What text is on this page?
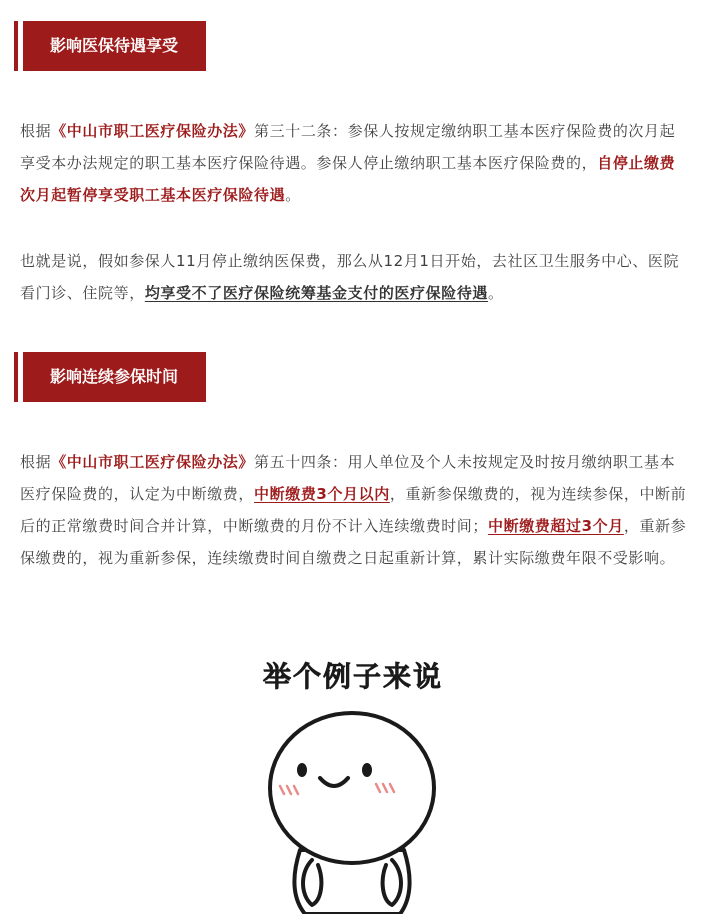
影响医保待遇享受

根据《中山市职工医疗保险办法》第三十二条：参保人按规定缴纳职工基本医疗保险费的次月起享受本办法规定的职工基本医疗保险待遇。参保人停止缴纳职工基本医疗保险费的，自停止缴费次月起暂停享受职工基本医疗保险待遇。

也就是说，假如参保人11月停止缴纳医保费，那么从12月1日开始，去社区卫生服务中心、医院看门诊、住院等，均享受不了医疗保险统筹基金支付的医疗保险待遇。

影响连续参保时间

根据《中山市职工医疗保险办法》第五十四条：用人单位及个人未按规定及时按月缴纳职工基本医疗保险费的，认定为中断缴费，中断缴费3个月以内，重新参保缴费的，视为连续参保，中断前后的正常缴费时间合并计算，中断缴费的月份不计入连续缴费时间；中断缴费超过3个月，重新参保缴费的，视为重新参保，连续缴费时间自缴费之日起重新计算，累计实际缴费年限不受影响。

举个例子来说
